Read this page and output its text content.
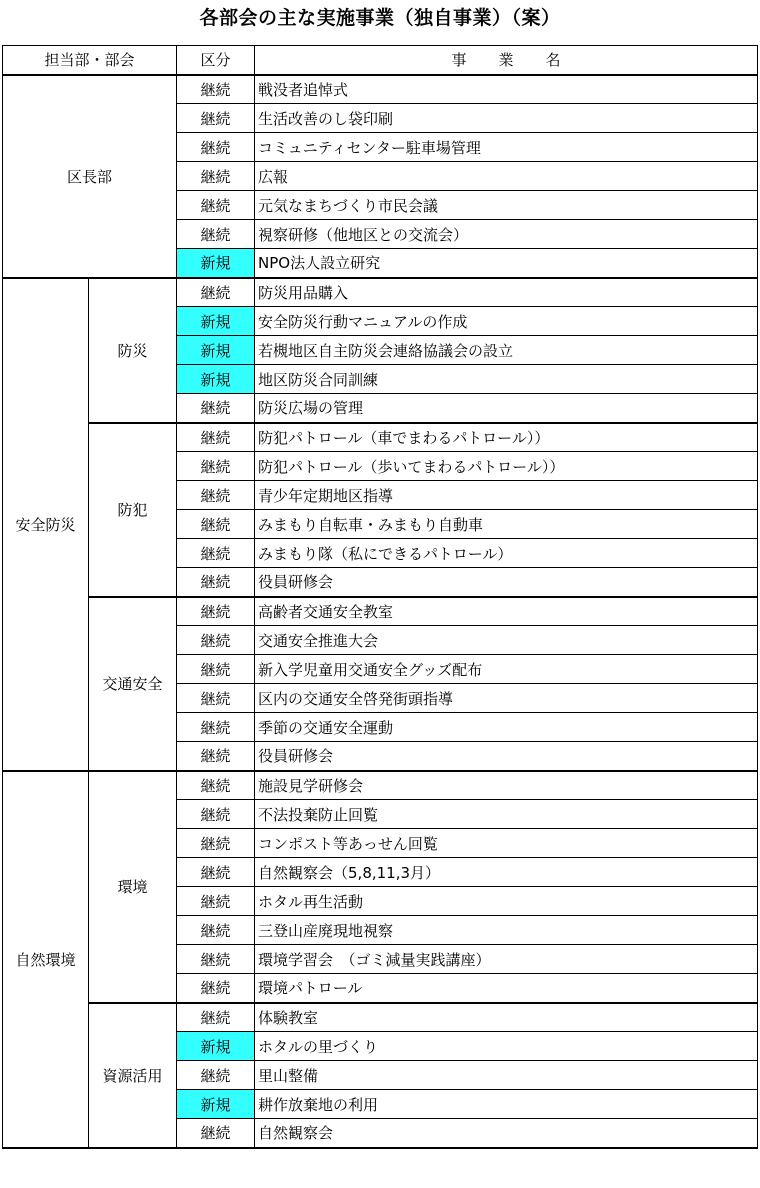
各部会の主な実施事業（独自事業）（案）
担当部・部会		区分	事 業 名
区長部		継続	戦没者追悼式
		継続	生活改善のし袋印刷
		継続	コミュニティセンター駐車場管理
		継続	広報
		継続	元気なまちづくり市民会議
		継続	視察研修（他地区との交流会）
		新規	NPO法人設立研究
安全防災	防災	継続	防災用品購入
		新規	安全防災行動マニュアルの作成
		新規	若槻地区自主防災会連絡協議会の設立
		新規	地区防災合同訓練
		継続	防災広場の管理
	防犯	継続	防犯パトロール（車でまわるパトロール））
		継続	防犯パトロール（歩いてまわるパトロール））
		継続	青少年定期地区指導
		継続	みまもり自転車・みまもり自動車
		継続	みまもり隊（私にできるパトロール）
		継続	役員研修会
	交通安全	継続	高齢者交通安全教室
		継続	交通安全推進大会
		継続	新入学児童用交通安全グッズ配布
		継続	区内の交通安全啓発街頭指導
		継続	季節の交通安全運動
		継続	役員研修会
自然環境	環境	継続	施設見学研修会
		継続	不法投棄防止回覧
		継続	コンポスト等あっせん回覧
		継続	自然観察会（5,8,11,3月）
		継続	ホタル再生活動
		継続	三登山産廃現地視察
		継続	環境学習会　（ゴミ減量実践講座）
		継続	環境パトロール
	資源活用	継続	体験教室
		新規	ホタルの里づくり
		継続	里山整備
		新規	耕作放棄地の利用
		継続	自然観察会
